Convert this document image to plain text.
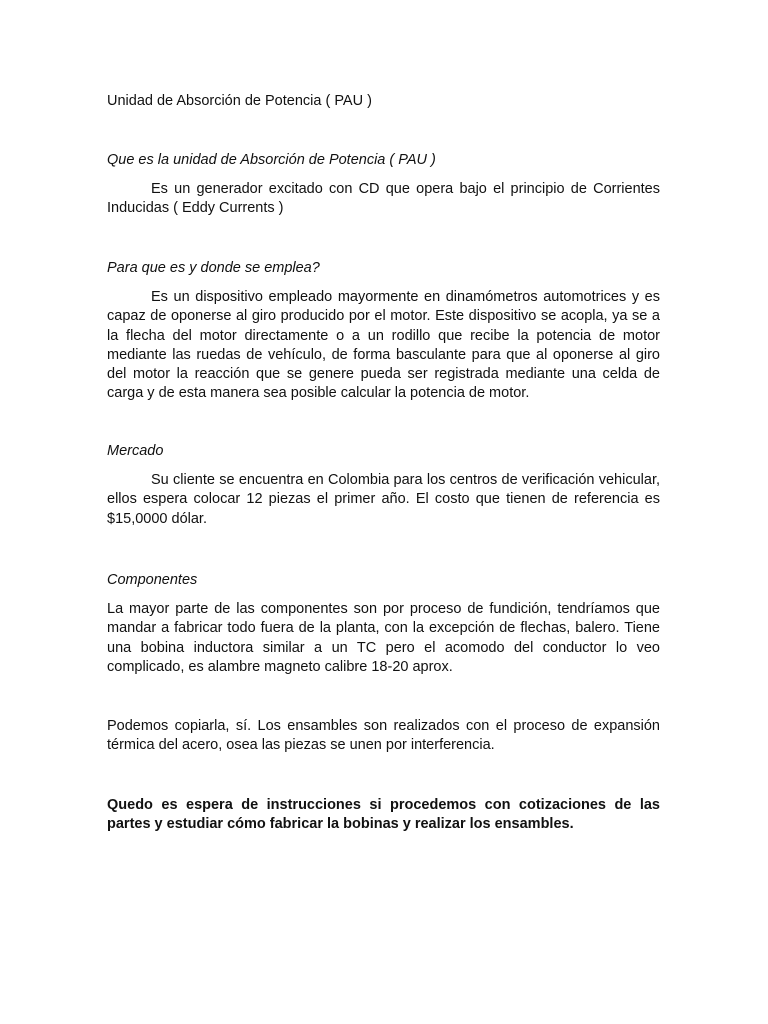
Unidad de Absorción de Potencia ( PAU )
Que es la unidad de Absorción de Potencia ( PAU )
Es un generador excitado con CD que opera bajo el principio de Corrientes Inducidas ( Eddy Currents )
Para que es y donde se emplea?
Es un dispositivo empleado mayormente en dinamómetros automotrices y es capaz de oponerse al giro producido por el motor. Este dispositivo se acopla, ya se a la flecha del motor directamente o a un rodillo que recibe la potencia de motor mediante las ruedas de vehículo, de forma basculante para que al oponerse al giro del motor la reacción que se genere pueda ser registrada mediante una celda de carga y de esta manera sea posible calcular la potencia de motor.
Mercado
Su cliente se encuentra en Colombia para los centros de verificación vehicular, ellos espera colocar 12 piezas el primer año. El costo que tienen de referencia es $15,0000 dólar.
Componentes
La mayor parte de las componentes son por proceso de fundición, tendríamos que mandar a fabricar todo fuera de la planta, con la excepción de flechas, balero. Tiene una bobina inductora similar a un TC pero el acomodo del conductor lo veo complicado, es alambre magneto calibre 18-20 aprox.
Podemos copiarla, sí. Los ensambles son realizados con el proceso de expansión térmica del acero, osea las piezas se unen por interferencia.
Quedo es espera de instrucciones si procedemos con cotizaciones de las partes y estudiar cómo fabricar la bobinas y realizar los ensambles.
